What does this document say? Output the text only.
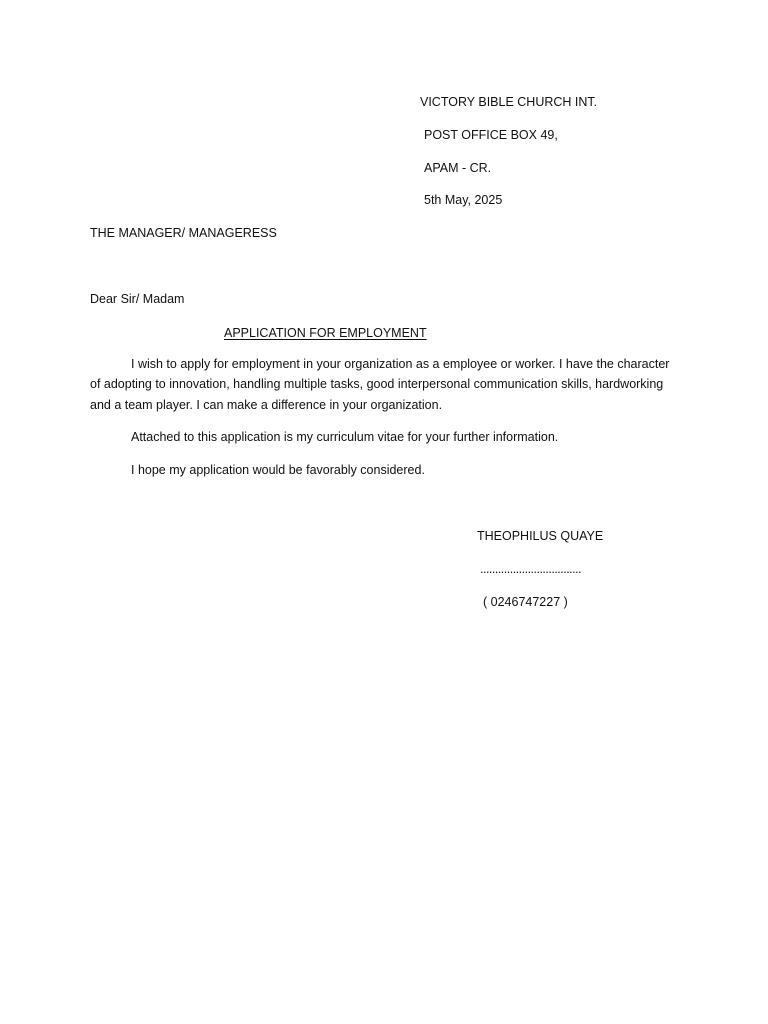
VICTORY BIBLE CHURCH INT.
POST OFFICE BOX 49,
APAM - CR.
5th May, 2025
THE MANAGER/ MANAGERESS
Dear Sir/ Madam
APPLICATION FOR EMPLOYMENT

I wish to apply for employment in your organization as a employee or worker. I have the character of adopting to innovation, handling multiple tasks, good interpersonal communication skills, hardworking and a team player. I can make a difference in your organization.

Attached to this application is my curriculum vitae for your further information.

I hope my application would be favorably considered.

THEOPHILUS QUAYE
..................................
( 0246747227 )
